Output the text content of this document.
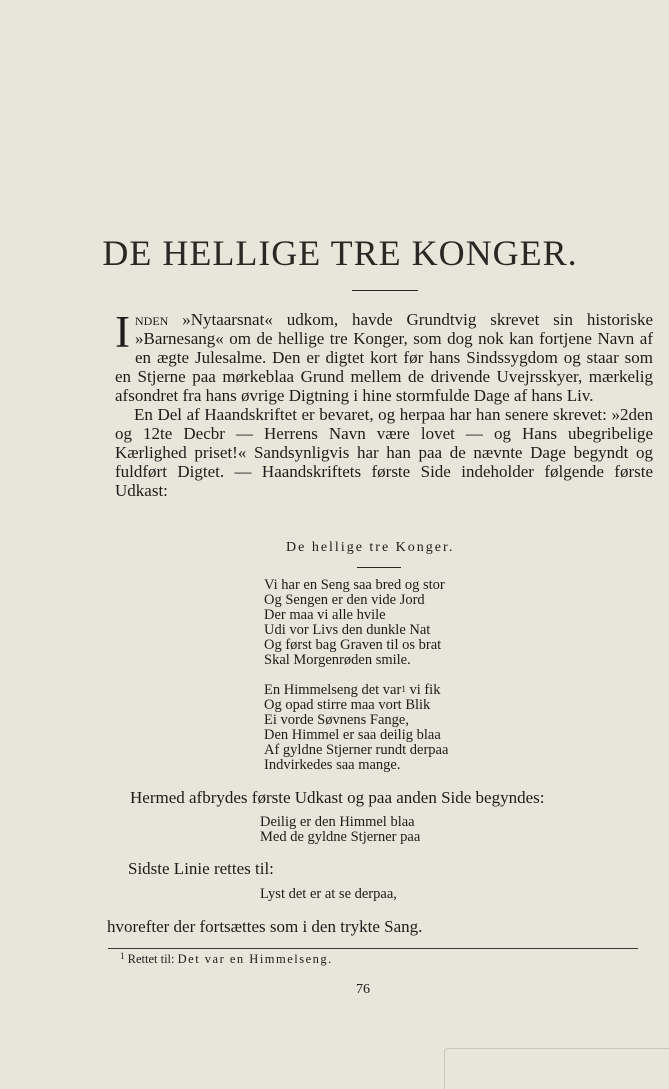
DE HELLIGE TRE KONGER.

Inden »Nytaarsnat« udkom, havde Grundtvig skrevet sin historiske »Barnesang« om de hellige tre Konger, som dog nok kan fortjene Navn af en ægte Julesalme. Den er digtet kort før hans Sindssygdom og staar som en Stjerne paa mørkeblaa Grund mellem de drivende Uvejrsskyer, mærkelig afsondret fra hans øvrige Digtning i hine stormfulde Dage af hans Liv.

En Del af Haandskriftet er bevaret, og herpaa har han senere skrevet: »2den og 12te Decbr — Herrens Navn være lovet — og Hans ubegribelige Kærlighed priset!« Sandsynligvis har han paa de nævnte Dage begyndt og fuldført Digtet. — Haandskriftets første Side indeholder følgende første Udkast:

De hellige tre Konger.
Vi har en Seng saa bred og stor
Og Sengen er den vide Jord
Der maa vi alle hvile
Udi vor Livs den dunkle Nat
Og først bag Graven til os brat
Skal Morgenrøden smile.
En Himmelseng det var$^1$ vi fik
Og opad stirre maa vort Blik
Ei vorde Søvnens Fange,
Den Himmel er saa deilig blaa
Af gyldne Stjerner rundt derpaa
Indvirkedes saa mange.
Hermed afbrydes første Udkast og paa anden Side begyndes:
Deilig er den Himmel blaa
Med de gyldne Stjerner paa
Sidste Linie rettes til:
Lyst det er at se derpaa,
hvorefter der fortsættes som i den trykte Sang.
$^1$ Rettet til: Det var en Himmelseng.
76
